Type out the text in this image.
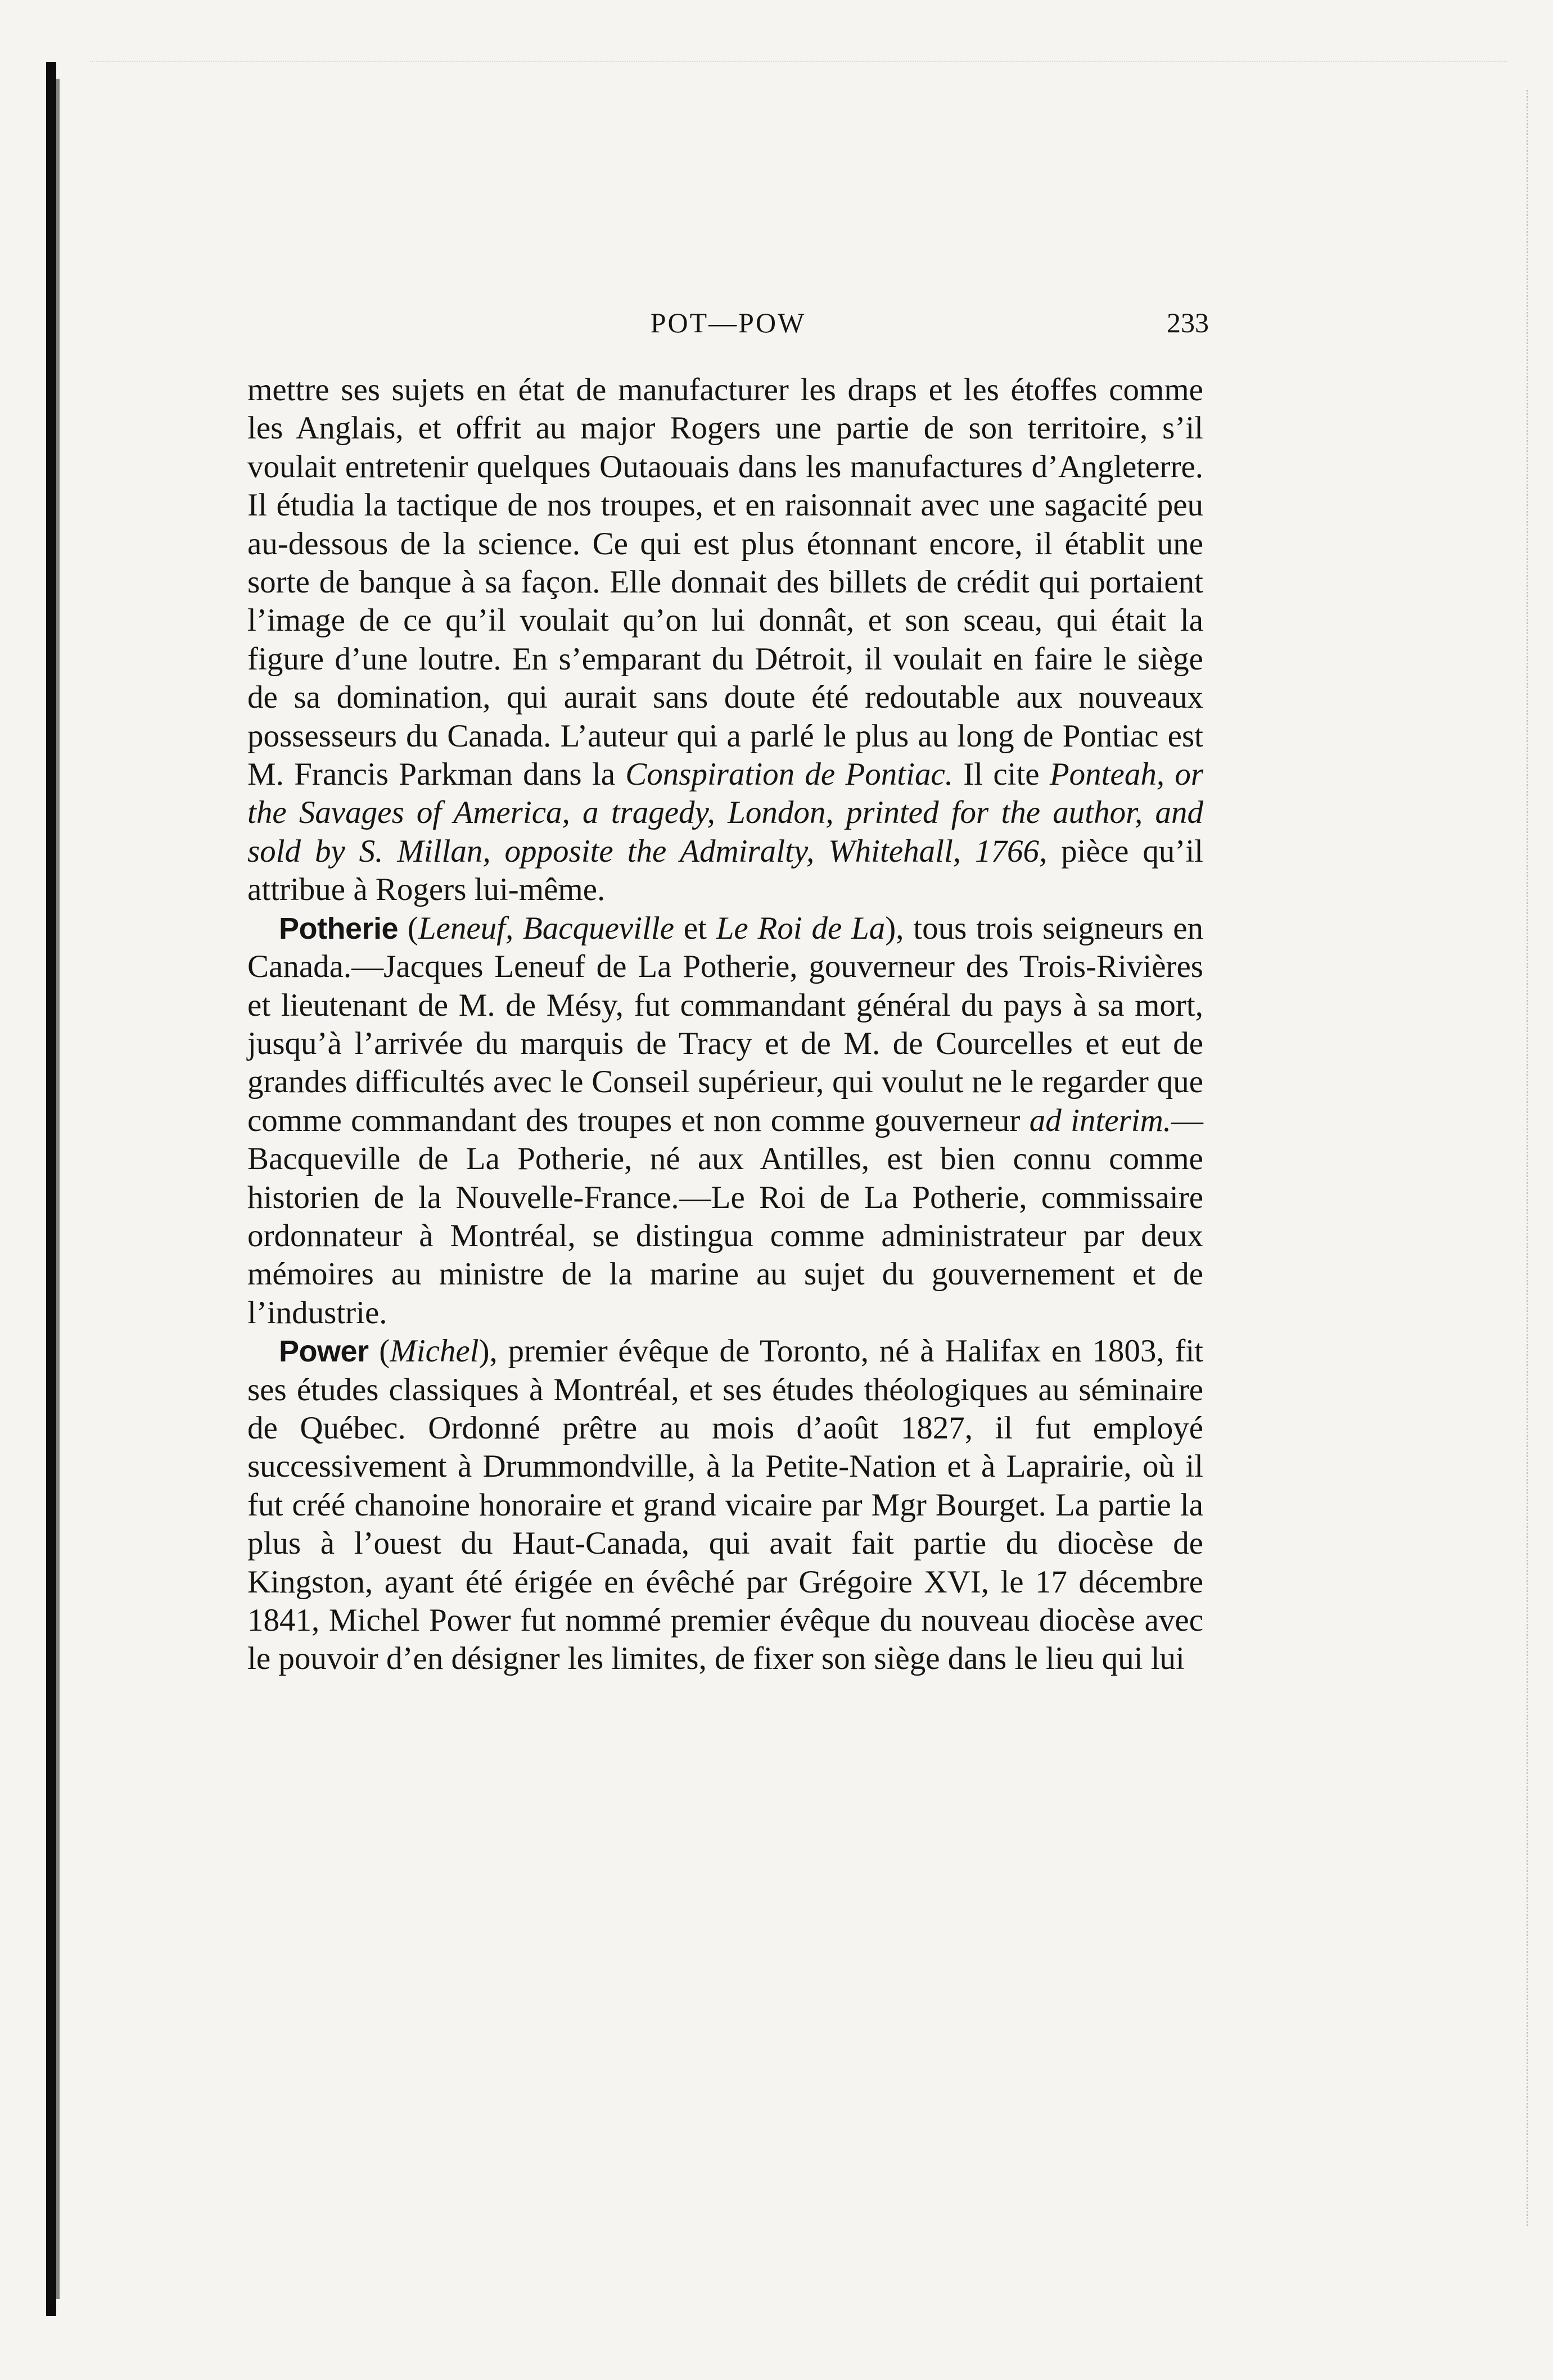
POT—POW	233

mettre ses sujets en état de manufacturer les draps et les étoffes comme les Anglais, et offrit au major Rogers une partie de son territoire, s’il voulait entretenir quelques Outaouais dans les manufactures d’Angleterre. Il étudia la tactique de nos troupes, et en raisonnait avec une sagacité peu au-dessous de la science. Ce qui est plus étonnant encore, il établit une sorte de banque à sa façon. Elle donnait des billets de crédit qui portaient l’image de ce qu’il voulait qu’on lui donnât, et son sceau, qui était la figure d’une loutre. En s’emparant du Détroit, il voulait en faire le siège de sa domination, qui aurait sans doute été redoutable aux nouveaux possesseurs du Canada. L’auteur qui a parlé le plus au long de Pontiac est M. Francis Parkman dans la Conspiration de Pontiac. Il cite Ponteah, or the Savages of America, a tragedy, London, printed for the author, and sold by S. Millan, opposite the Admiralty, Whitehall, 1766, pièce qu’il attribue à Rogers lui-même.

Potherie (Leneuf, Bacqueville et Le Roi de La), tous trois seigneurs en Canada.—Jacques Leneuf de La Potherie, gouverneur des Trois-Rivières et lieutenant de M. de Mésy, fut commandant général du pays à sa mort, jusqu’à l’arrivée du marquis de Tracy et de M. de Courcelles et eut de grandes difficultés avec le Conseil supérieur, qui voulut ne le regarder que comme commandant des troupes et non comme gouverneur ad interim.—Bacqueville de La Potherie, né aux Antilles, est bien connu comme historien de la Nouvelle-France.—Le Roi de La Potherie, commissaire ordonnateur à Montréal, se distingua comme administrateur par deux mémoires au ministre de la marine au sujet du gouvernement et de l’industrie.

Power (Michel), premier évêque de Toronto, né à Halifax en 1803, fit ses études classiques à Montréal, et ses études théologiques au séminaire de Québec. Ordonné prêtre au mois d’août 1827, il fut employé successivement à Drummondville, à la Petite-Nation et à Laprairie, où il fut créé chanoine honoraire et grand vicaire par Mgr Bourget. La partie la plus à l’ouest du Haut-Canada, qui avait fait partie du diocèse de Kingston, ayant été érigée en évêché par Grégoire XVI, le 17 décembre 1841, Michel Power fut nommé premier évêque du nouveau diocèse avec le pouvoir d’en désigner les limites, de fixer son siège dans le lieu qui lui
